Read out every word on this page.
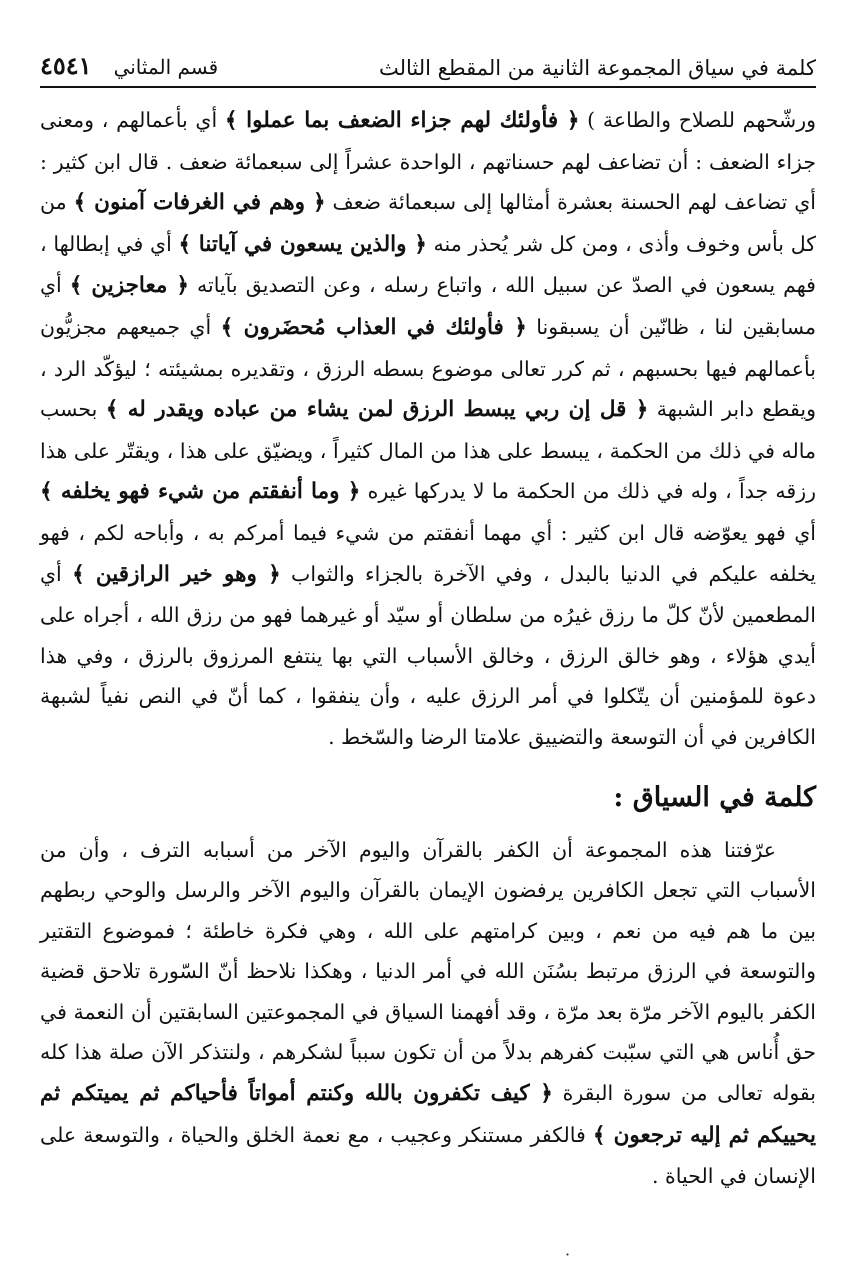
كلمة في سياق المجموعة الثانية من المقطع الثالث
قسم المثاني
٤٥٤١

ورشّحهم للصلاح والطاعة ) ﴿ فأولئك لهم جزاء الضعف بما عملوا ﴾ أي بأعمالهم ، ومعنى جزاء الضعف : أن تضاعف لهم حسناتهم ، الواحدة عشراً إلى سبعمائة ضعف . قال ابن كثير : أي تضاعف لهم الحسنة بعشرة أمثالها إلى سبعمائة ضعف ﴿ وهم في الغرفات آمنون ﴾ من كل بأس وخوف وأذى ، ومن كل شر يُحذر منه ﴿ والذين يسعون في آياتنا ﴾ أي في إبطالها ، فهم يسعون في الصدّ عن سبيل الله ، واتباع رسله ، وعن التصديق بآياته ﴿ معاجزين ﴾ أي مسابقين لنا ، ظانّين أن يسبقونا ﴿ فأولئك في العذاب مُحضَرون ﴾ أي جميعهم مجزيُّون بأعمالهم فيها بحسبهم ، ثم كرر تعالى موضوع بسطه الرزق ، وتقديره بمشيئته ؛ ليؤكّد الرد ، ويقطع دابر الشبهة ﴿ قل إن ربي يبسط الرزق لمن يشاء من عباده ويقدر له ﴾ بحسب ماله في ذلك من الحكمة ، يبسط على هذا من المال كثيراً ، ويضيّق على هذا ، ويقتّر على هذا رزقه جداً ، وله في ذلك من الحكمة ما لا يدركها غيره ﴿ وما أنفقتم من شيء فهو يخلفه ﴾ أي فهو يعوّضه قال ابن كثير : أي مهما أنفقتم من شيء فيما أمركم به ، وأباحه لكم ، فهو يخلفه عليكم في الدنيا بالبدل ، وفي الآخرة بالجزاء والثواب ﴿ وهو خير الرازقين ﴾ أي المطعمين لأنّ كلّ ما رزق غيرُه من سلطان أو سيّد أو غيرهما فهو من رزق الله ، أجراه على أيدي هؤلاء ، وهو خالق الرزق ، وخالق الأسباب التي بها ينتفع المرزوق بالرزق ، وفي هذا دعوة للمؤمنين أن يتّكلوا في أمر الرزق عليه ، وأن ينفقوا ، كما أنّ في النص نفياً لشبهة الكافرين في أن التوسعة والتضييق علامتا الرضا والسّخط .

كلمة في السياق :

عرّفتنا هذه المجموعة أن الكفر بالقرآن واليوم الآخر من أسبابه الترف ، وأن من الأسباب التي تجعل الكافرين يرفضون الإيمان بالقرآن واليوم الآخر والرسل والوحي ربطهم بين ما هم فيه من نعم ، وبين كرامتهم على الله ، وهي فكرة خاطئة ؛ فموضوع التقتير والتوسعة في الرزق مرتبط بسُنَن الله في أمر الدنيا ، وهكذا نلاحظ أنّ السّورة تلاحق قضية الكفر باليوم الآخر مرّة بعد مرّة ، وقد أفهمنا السياق في المجموعتين السابقتين أن النعمة في حق أُناس هي التي سبّبت كفرهم بدلاً من أن تكون سبباً لشكرهم ، ولنتذكر الآن صلة هذا كله بقوله تعالى من سورة البقرة ﴿ كيف تكفرون بالله وكنتم أمواتاً فأحياكم ثم يميتكم ثم يحييكم ثم إليه ترجعون ﴾ فالكفر مستنكر وعجيب ، مع نعمة الخلق والحياة ، والتوسعة على الإنسان في الحياة .

·
